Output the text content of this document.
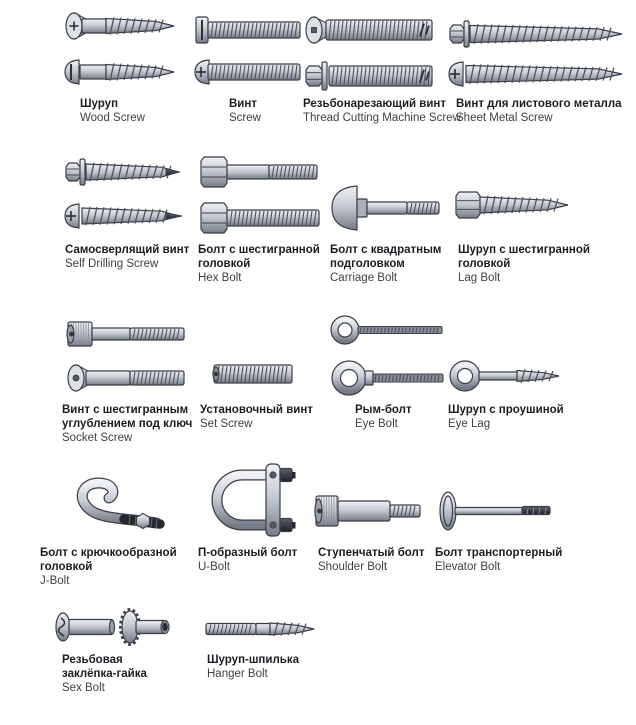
Шуруп
Wood Screw
Винт
Screw
Резьбонарезающий винт
Thread Cutting Machine Screw
Винт для листового металла
Sheet Metal Screw
Самосверлящий винт
Self Drilling Screw
Болт с шестигранной головкой
Hex Bolt
Болт с квадратным подголовком
Carriage Bolt
Шуруп с шестигранной головкой
Lag Bolt
Винт с шестигранным углублением под ключ
Socket Screw
Установочный винт
Set Screw
Рым-болт
Eye Bolt
Шуруп с проушиной
Eye Lag
Болт с крючкообразной головкой
J-Bolt
П-образный болт
U-Bolt
Ступенчатый болт
Shoulder Bolt
Болт транспортерный
Elevator Bolt
Резьбовая заклёпка-гайка
Sex Bolt
Шуруп-шпилька
Hanger Bolt
